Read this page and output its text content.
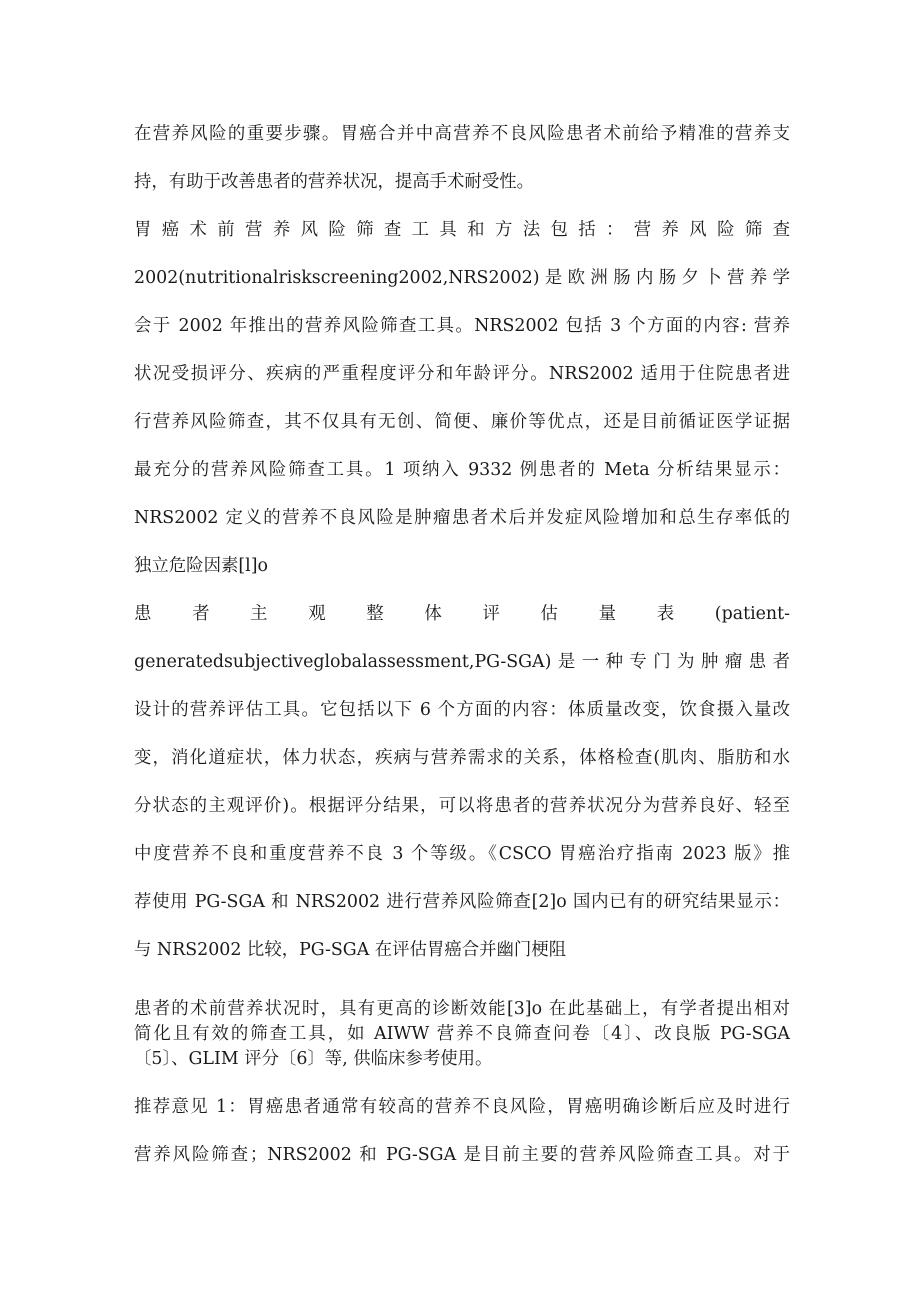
在营养风险的重要步骤。胃癌合并中高营养不良风险患者术前给予精准的营养支
持，有助于改善患者的营养状况，提高手术耐受性。
胃癌术前营养风险筛查工具和方法包括：营养风险筛查
2002(nutritionalriskscreening2002,NRS2002)是欧洲肠内肠夕卜营养学
会于 2002 年推出的营养风险筛查工具。NRS2002 包括 3 个方面的内容: 营养
状况受损评分、疾病的严重程度评分和年龄评分。NRS2002 适用于住院患者进
行营养风险筛查，其不仅具有无创、简便、廉价等优点，还是目前循证医学证据
最充分的营养风险筛查工具。1 项纳入 9332 例患者的 Meta 分析结果显示：
NRS2002 定义的营养不良风险是肿瘤患者术后并发症风险增加和总生存率低的
独立危险因素[l]o
患者主观整体评估量表(patient-
generatedsubjectiveglobalassessment,PG-SGA)是一种专门为肿瘤患者
设计的营养评估工具。它包括以下 6 个方面的内容：体质量改变，饮食摄入量改
变，消化道症状，体力状态，疾病与营养需求的关系，体格检查(肌肉、脂肪和水
分状态的主观评价)。根据评分结果，可以将患者的营养状况分为营养良好、轻至
中度营养不良和重度营养不良 3 个等级。《CSCO 胃癌治疗指南 2023 版》推
荐使用 PG-SGA 和 NRS2002 进行营养风险筛查[2]o 国内已有的研究结果显示：
与 NRS2002 比较，PG-SGA 在评估胃癌合并幽门梗阻
患者的术前营养状况时，具有更高的诊断效能[3]o 在此基础上，有学者提出相对
简化且有效的筛查工具，如 AIWW 营养不良筛查问卷〔4〕、改良版 PG-SGA
〔5〕、GLIM 评分〔6〕等, 供临床参考使用。
推荐意见 1：胃癌患者通常有较高的营养不良风险，胃癌明确诊断后应及时进行
营养风险筛查；NRS2002 和 PG-SGA 是目前主要的营养风险筛查工具。对于
